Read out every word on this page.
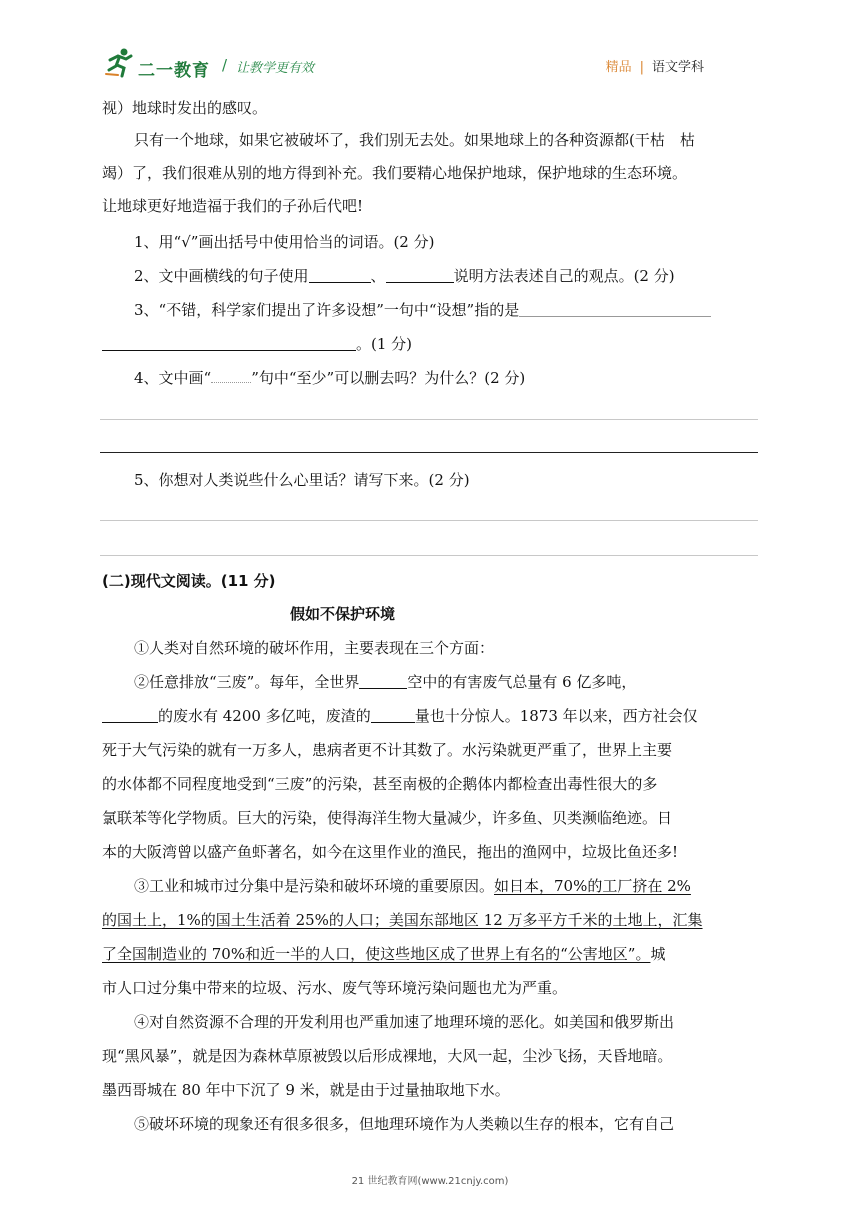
二一教育 / 让教学更有效	精品 | 语文学科
视）地球时发出的感叹。
只有一个地球，如果它被破坏了，我们别无去处。如果地球上的各种资源都(干枯　枯
竭）了，我们很难从别的地方得到补充。我们要精心地保护地球，保护地球的生态环境。
让地球更好地造福于我们的子孙后代吧!
1、用“√”画出括号中使用恰当的词语。(2 分)
2、文中画横线的句子使用	、	说明方法表述自己的观点。(2 分)
3、“不错，科学家们提出了许多设想”一句中“设想”指的是
。(1 分)
4、文中画“	”句中“至少”可以删去吗？为什么？(2 分)
5、你想对人类说些什么心里话？请写下来。(2 分)
(二)现代文阅读。(11 分)
假如不保护环境
①人类对自然环境的破坏作用，主要表现在三个方面：
②任意排放“三废”。每年，全世界	空中的有害废气总量有 6 亿多吨，
的废水有 4200 多亿吨，废渣的	量也十分惊人。1873 年以来，西方社会仅
死于大气污染的就有一万多人，患病者更不计其数了。水污染就更严重了，世界上主要
的水体都不同程度地受到“三废”的污染，甚至南极的企鹅体内都检查出毒性很大的多
氯联苯等化学物质。巨大的污染，使得海洋生物大量减少，许多鱼、贝类濒临绝迹。日
本的大阪湾曾以盛产鱼虾著名，如今在这里作业的渔民，拖出的渔网中，垃圾比鱼还多!
③工业和城市过分集中是污染和破坏环境的重要原因。如日本，70%的工厂挤在 2%
的国土上，1%的国土生活着 25%的人口；美国东部地区 12 万多平方千米的土地上，汇集
了全国制造业的 70%和近一半的人口，使这些地区成了世界上有名的“公害地区”。城
市人口过分集中带来的垃圾、污水、废气等环境污染问题也尤为严重。
④对自然资源不合理的开发利用也严重加速了地理环境的恶化。如美国和俄罗斯出
现“黑风暴”，就是因为森林草原被毁以后形成裸地，大风一起，尘沙飞扬，天昏地暗。
墨西哥城在 80 年中下沉了 9 米，就是由于过量抽取地下水。
⑤破坏环境的现象还有很多很多，但地理环境作为人类赖以生存的根本，它有自己
21 世纪教育网(www.21cnjy.com)
